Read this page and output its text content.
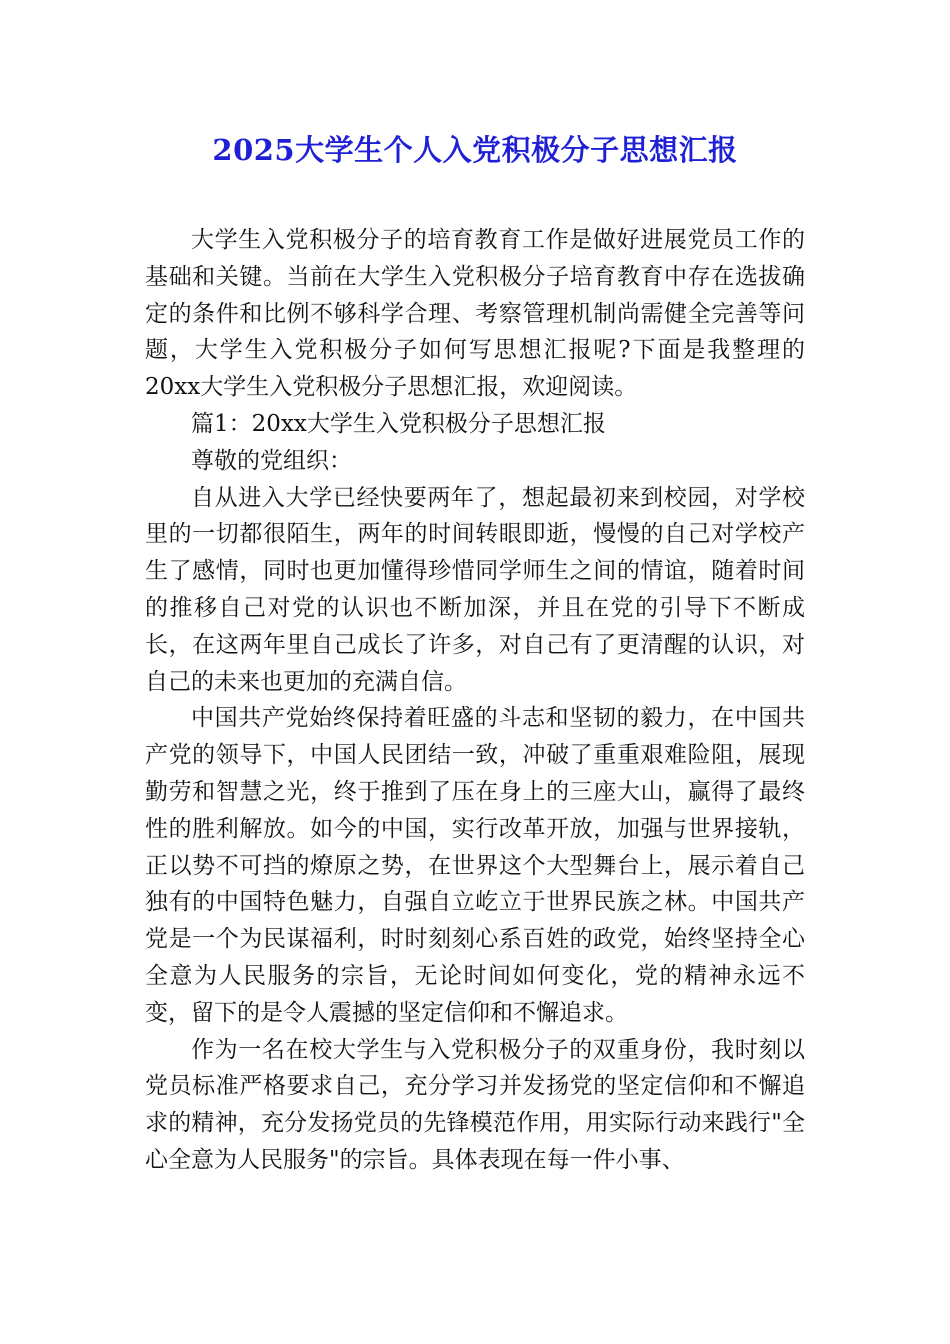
2025大学生个人入党积极分子思想汇报

大学生入党积极分子的培育教育工作是做好进展党员工作的基础和关键。当前在大学生入党积极分子培育教育中存在选拔确定的条件和比例不够科学合理、考察管理机制尚需健全完善等问题，大学生入党积极分子如何写思想汇报呢?下面是我整理的20xx大学生入党积极分子思想汇报，欢迎阅读。

篇1：20xx大学生入党积极分子思想汇报

尊敬的党组织：

自从进入大学已经快要两年了，想起最初来到校园，对学校里的一切都很陌生，两年的时间转眼即逝，慢慢的自己对学校产生了感情，同时也更加懂得珍惜同学师生之间的情谊，随着时间的推移自己对党的认识也不断加深，并且在党的引导下不断成长，在这两年里自己成长了许多，对自己有了更清醒的认识，对自己的未来也更加的充满自信。

中国共产党始终保持着旺盛的斗志和坚韧的毅力，在中国共产党的领导下，中国人民团结一致，冲破了重重艰难险阻，展现勤劳和智慧之光，终于推到了压在身上的三座大山，赢得了最终性的胜利解放。如今的中国，实行改革开放，加强与世界接轨，正以势不可挡的燎原之势，在世界这个大型舞台上，展示着自己独有的中国特色魅力，自强自立屹立于世界民族之林。中国共产党是一个为民谋福利，时时刻刻心系百姓的政党，始终坚持全心全意为人民服务的宗旨，无论时间如何变化，党的精神永远不变，留下的是令人震撼的坚定信仰和不懈追求。

作为一名在校大学生与入党积极分子的双重身份，我时刻以党员标准严格要求自己，充分学习并发扬党的坚定信仰和不懈追求的精神，充分发扬党员的先锋模范作用，用实际行动来践行"全心全意为人民服务"的宗旨。具体表现在每一件小事、
